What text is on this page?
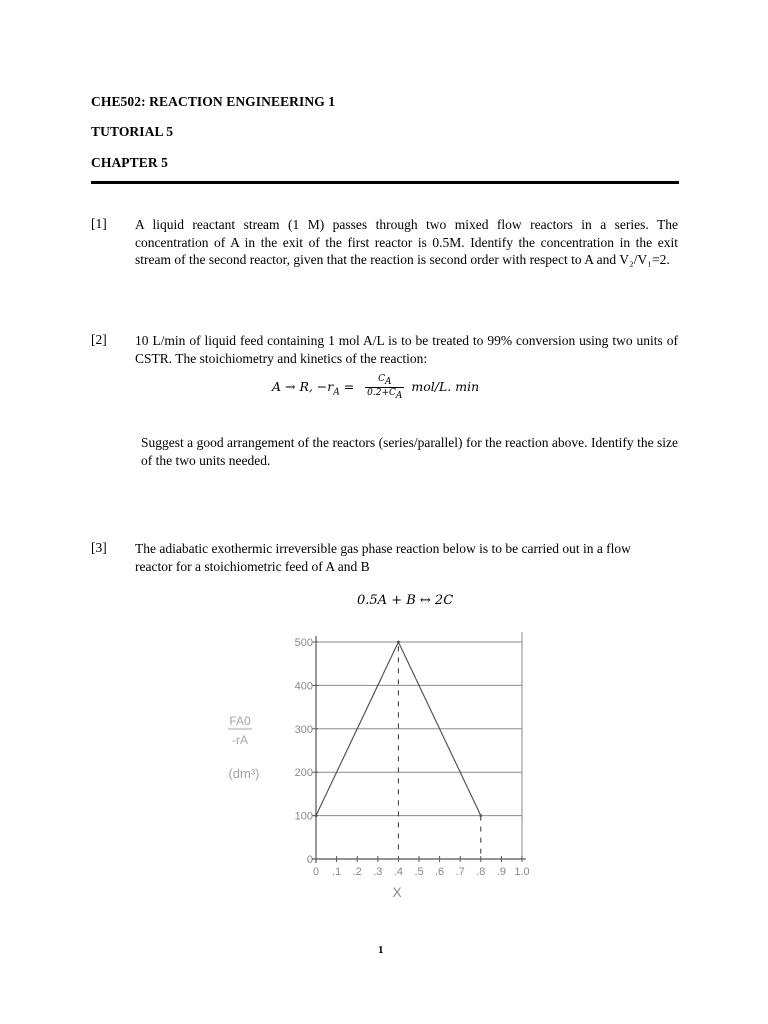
CHE502: REACTION ENGINEERING 1
TUTORIAL 5
CHAPTER 5
[1] A liquid reactant stream (1 M) passes through two mixed flow reactors in a series. The concentration of A in the exit of the first reactor is 0.5M. Identify the concentration in the exit stream of the second reactor, given that the reaction is second order with respect to A and V₂/V₁=2.
[2] 10 L/min of liquid feed containing 1 mol A/L is to be treated to 99% conversion using two units of CSTR. The stoichiometry and kinetics of the reaction:
A → R, $-r_A = \frac{C_A}{0.2+C_A} mol/L$. min
Suggest a good arrangement of the reactors (series/parallel) for the reaction above. Identify the size of the two units needed.
[3] The adiabatic exothermic irreversible gas phase reaction below is to be carried out in a flow reactor for a stoichiometric feed of A and B
0.5A + B ↔ 2C
0
100
200
300
400
500
0 .1 .2 .3 .4 .5 .6 .7 .8 .9 1.0
X
FA0
-rA
(dm³)
1
